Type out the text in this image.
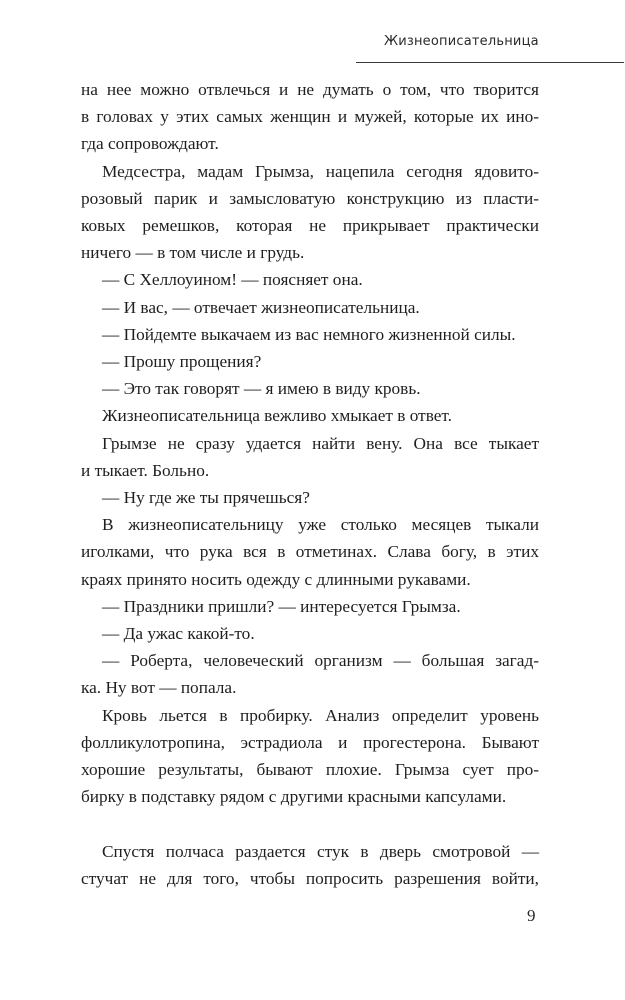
Жизнеописательница
на нее можно отвлечься и не думать о том, что творится
в головах у этих самых женщин и мужей, которые их ино-
гда сопровождают.
Медсестра, мадам Грымза, нацепила сегодня ядовито-
розовый парик и замысловатую конструкцию из пласти-
ковых ремешков, которая не прикрывает практически
ничего — в том числе и грудь.
— С Хеллоуином! — поясняет она.
— И вас, — отвечает жизнеописательница.
— Пойдемте выкачаем из вас немного жизненной силы.
— Прошу прощения?
— Это так говорят — я имею в виду кровь.
Жизнеописательница вежливо хмыкает в ответ.
Грымзе не сразу удается найти вену. Она все тыкает
и тыкает. Больно.
— Ну где же ты прячешься?
В жизнеописательницу уже столько месяцев тыкали
иголками, что рука вся в отметинах. Слава богу, в этих
краях принято носить одежду с длинными рукавами.
— Праздники пришли? — интересуется Грымза.
— Да ужас какой-то.
— Роберта, человеческий организм — большая загад-
ка. Ну вот — попала.
Кровь льется в пробирку. Анализ определит уровень
фолликулотропина, эстрадиола и прогестерона. Бывают
хорошие результаты, бывают плохие. Грымза сует про-
бирку в подставку рядом с другими красными капсулами.
Спустя полчаса раздается стук в дверь смотровой —
стучат не для того, чтобы попросить разрешения войти,
9
